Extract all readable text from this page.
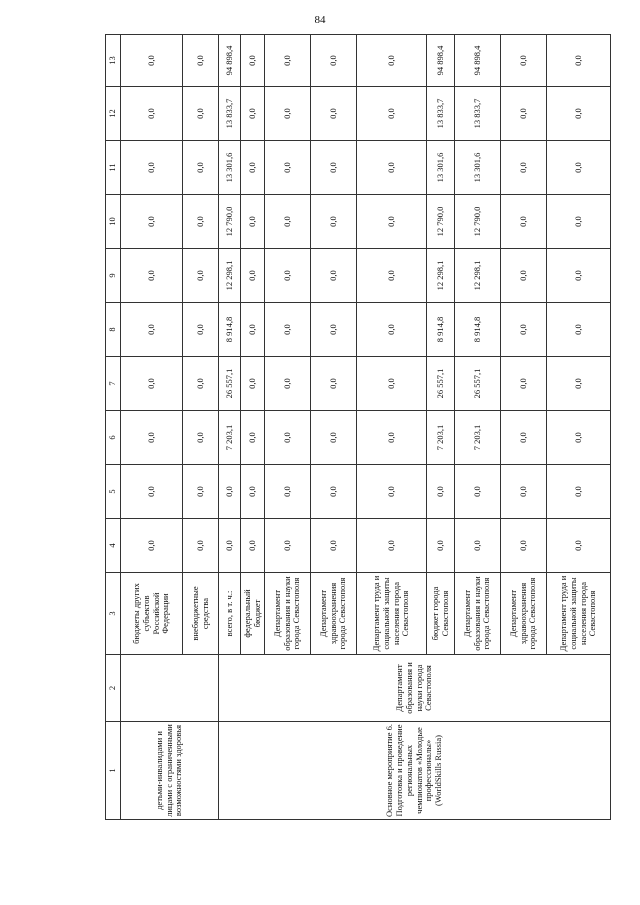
84
1	2	3	4	5	6	7	8	9	10	11	12	13
детьми-инвалидами и лицами с ограниченными возможностями здоровья		бюджеты других субъектов Российской Федерации	0,0	0,0	0,0	0,0	0,0	0,0	0,0	0,0	0,0	0,0
		внебюджетные средства	0,0	0,0	0,0	0,0	0,0	0,0	0,0	0,0	0,0	0,0
Основное мероприятие 6. Подготовка и проведение региональных чемпионатов «Молодые профессионалы» (WorldSkills Russia)	Департамент образования и науки города Севастополя	всего, в т. ч.:	0,0	0,0	7 203,1	26 557,1	8 914,8	12 298,1	12 790,0	13 301,6	13 833,7	94 898,4
		федеральный бюджет	0,0	0,0	0,0	0,0	0,0	0,0	0,0	0,0	0,0	0,0
		Департамент образования и науки города Севастополя	0,0	0,0	0,0	0,0	0,0	0,0	0,0	0,0	0,0	0,0
		Департамент здравоохранения города Севастополя	0,0	0,0	0,0	0,0	0,0	0,0	0,0	0,0	0,0	0,0
		Департамент труда и социальной защиты населения города Севастополя	0,0	0,0	0,0	0,0	0,0	0,0	0,0	0,0	0,0	0,0
		бюджет города Севастополя	0,0	0,0	7 203,1	26 557,1	8 914,8	12 298,1	12 790,0	13 301,6	13 833,7	94 898,4
		Департамент образования и науки города Севастополя	0,0	0,0	7 203,1	26 557,1	8 914,8	12 298,1	12 790,0	13 301,6	13 833,7	94 898,4
		Департамент здравоохранения города Севастополя	0,0	0,0	0,0	0,0	0,0	0,0	0,0	0,0	0,0	0,0
		Департамент труда и социальной защиты населения города Севастополя	0,0	0,0	0,0	0,0	0,0	0,0	0,0	0,0	0,0	0,0
